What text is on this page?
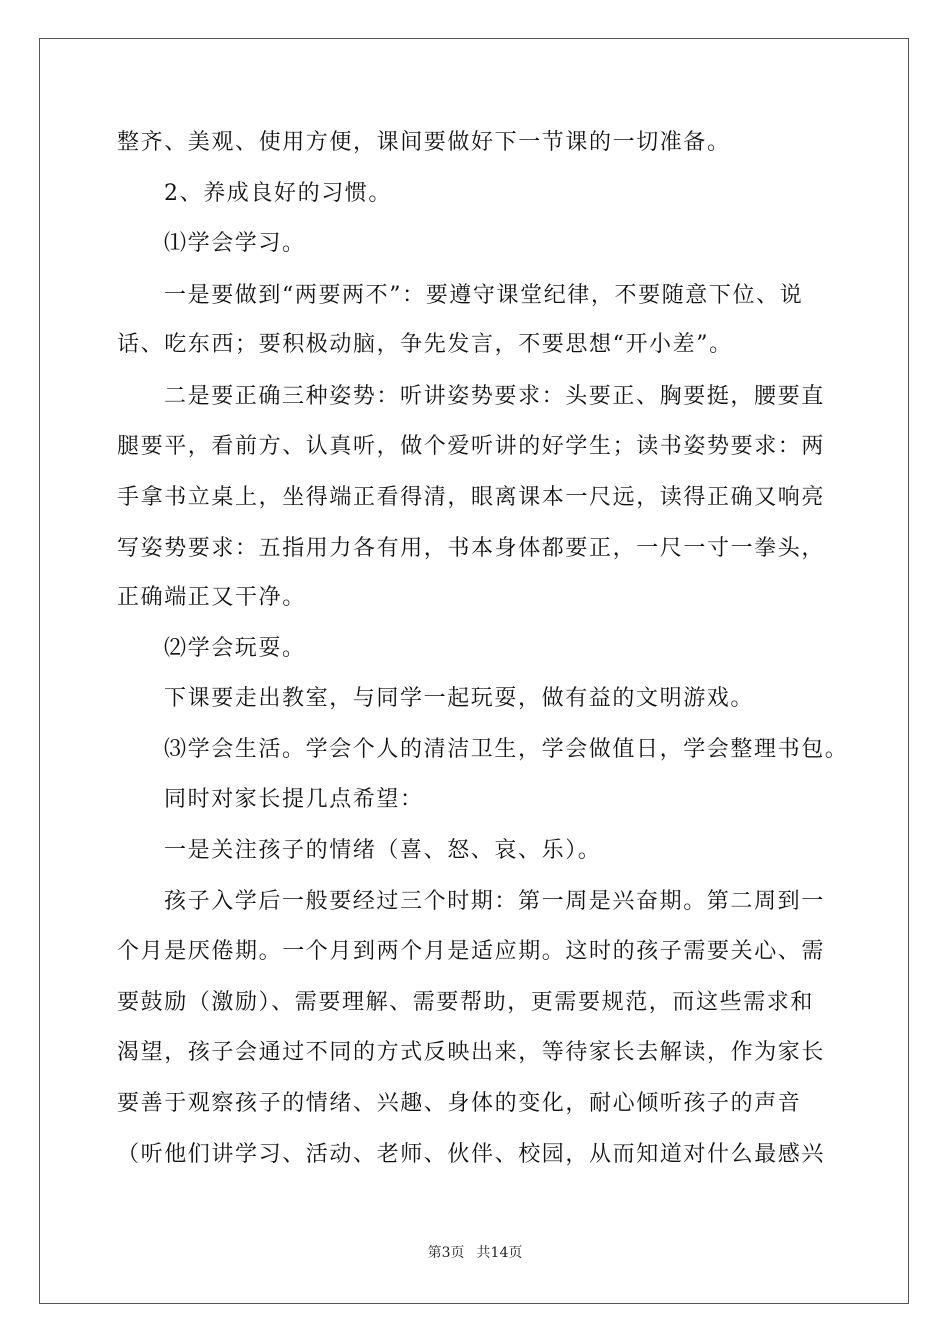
整齐、美观、使用方便，课间要做好下一节课的一切准备。
2、养成良好的习惯。
⑴学会学习。
一是要做到“两要两不”：要遵守课堂纪律，不要随意下位、说
话、吃东西；要积极动脑，争先发言，不要思想“开小差”。
二是要正确三种姿势：听讲姿势要求：头要正、胸要挺，腰要直
腿要平，看前方、认真听，做个爱听讲的好学生；读书姿势要求：两
手拿书立桌上，坐得端正看得清，眼离课本一尺远，读得正确又响亮
写姿势要求：五指用力各有用，书本身体都要正，一尺一寸一拳头，
正确端正又干净。
⑵学会玩耍。
下课要走出教室，与同学一起玩耍，做有益的文明游戏。
⑶学会生活。学会个人的清洁卫生，学会做值日，学会整理书包。
同时对家长提几点希望：
一是关注孩子的情绪（喜、怒、哀、乐）。
孩子入学后一般要经过三个时期：第一周是兴奋期。第二周到一
个月是厌倦期。一个月到两个月是适应期。这时的孩子需要关心、需
要鼓励（激励）、需要理解、需要帮助，更需要规范，而这些需求和
渴望，孩子会通过不同的方式反映出来，等待家长去解读，作为家长
要善于观察孩子的情绪、兴趣、身体的变化，耐心倾听孩子的声音
（听他们讲学习、活动、老师、伙伴、校园，从而知道对什么最感兴
第3页 共14页
